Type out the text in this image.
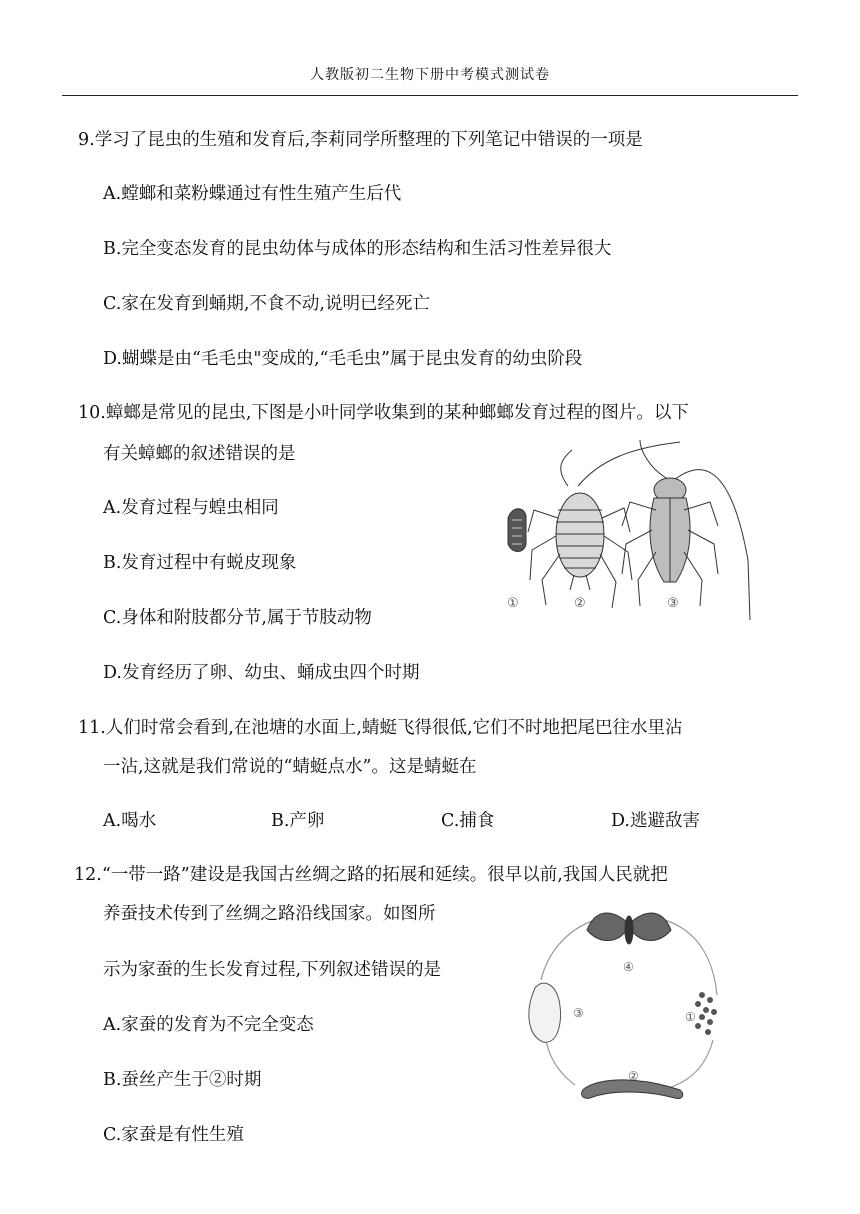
人教版初二生物下册中考模式测试卷
9.学习了昆虫的生殖和发育后,李莉同学所整理的下列笔记中错误的一项是
A.螳螂和菜粉蝶通过有性生殖产生后代
B.完全变态发育的昆虫幼体与成体的形态结构和生活习性差异很大
C.家在发育到蛹期,不食不动,说明已经死亡
D.蝴蝶是由“毛毛虫"变成的,“毛毛虫”属于昆虫发育的幼虫阶段
10.蟑螂是常见的昆虫,下图是小叶同学收集到的某种螂螂发育过程的图片。以下
有关蟑螂的叙述错误的是
A.发育过程与蝗虫相同
B.发育过程中有蜕皮现象
C.身体和附肢都分节,属于节肢动物
D.发育经历了卵、幼虫、蛹成虫四个时期
①	②	③
11.人们时常会看到,在池塘的水面上,蜻蜓飞得很低,它们不时地把尾巴往水里沾
一沾,这就是我们常说的“蜻蜓点水”。这是蜻蜓在
A.喝水	B.产卵	C.捕食	D.逃避敌害
12.“一带一路”建设是我国古丝绸之路的拓展和延续。很早以前,我国人民就把
养蚕技术传到了丝绸之路沿线国家。如图所
示为家蚕的生长发育过程,下列叙述错误的是
A.家蚕的发育为不完全变态
B.蚕丝产生于②时期
C.家蚕是有性生殖
④
①
③
②
